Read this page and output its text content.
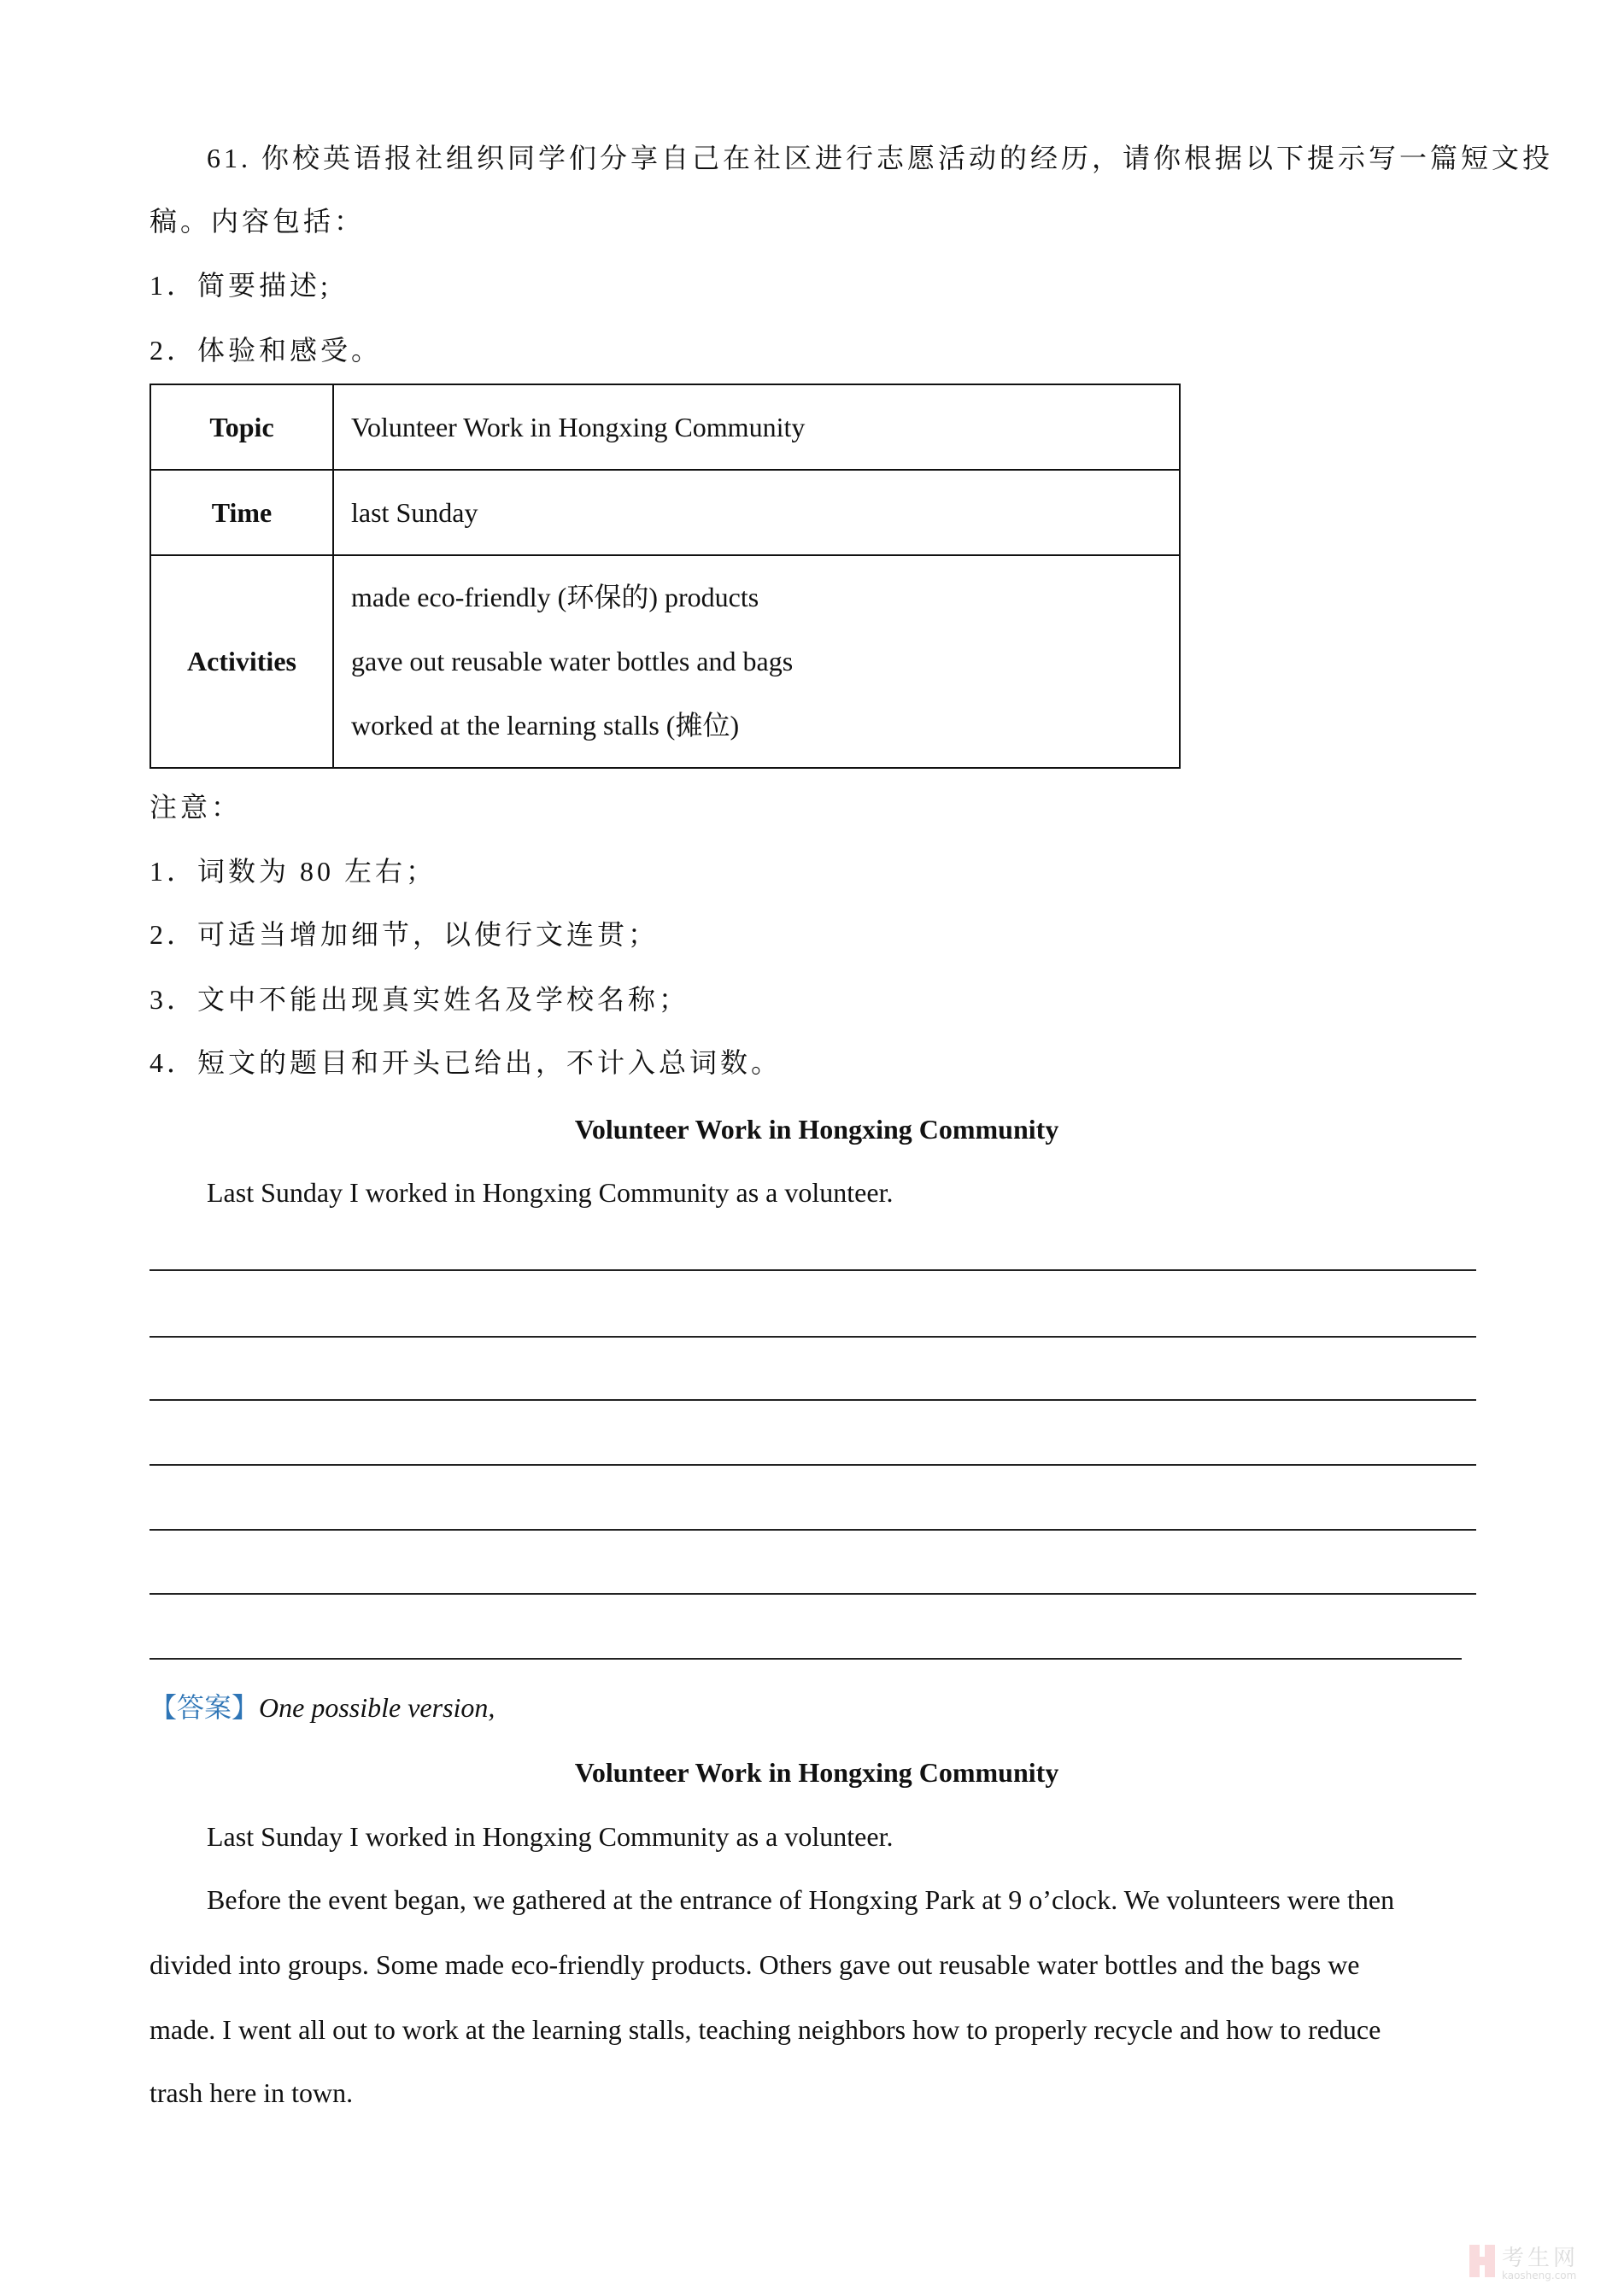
61. 你校英语报社组织同学们分享自己在社区进行志愿活动的经历，请你根据以下提示写一篇短文投
稿。内容包括：
1．简要描述;
2．体验和感受。
Topic	Volunteer Work in Hongxing Community
Time	last Sunday
Activities	made eco-friendly (环保的) products
gave out reusable water bottles and bags
worked at the learning stalls (摊位)
注意：
1．词数为 80 左右；
2．可适当增加细节，以使行文连贯；
3．文中不能出现真实姓名及学校名称；
4．短文的题目和开头已给出，不计入总词数。
Volunteer Work in Hongxing Community
Last Sunday I worked in Hongxing Community as a volunteer.
【答案】One possible version,
Volunteer Work in Hongxing Community
Last Sunday I worked in Hongxing Community as a volunteer.
Before the event began, we gathered at the entrance of Hongxing Park at 9 o’clock. We volunteers were then
divided into groups. Some made eco-friendly products. Others gave out reusable water bottles and the bags we
made. I went all out to work at the learning stalls, teaching neighbors how to properly recycle and how to reduce
trash here in town.
考生网
kaosheng.com
